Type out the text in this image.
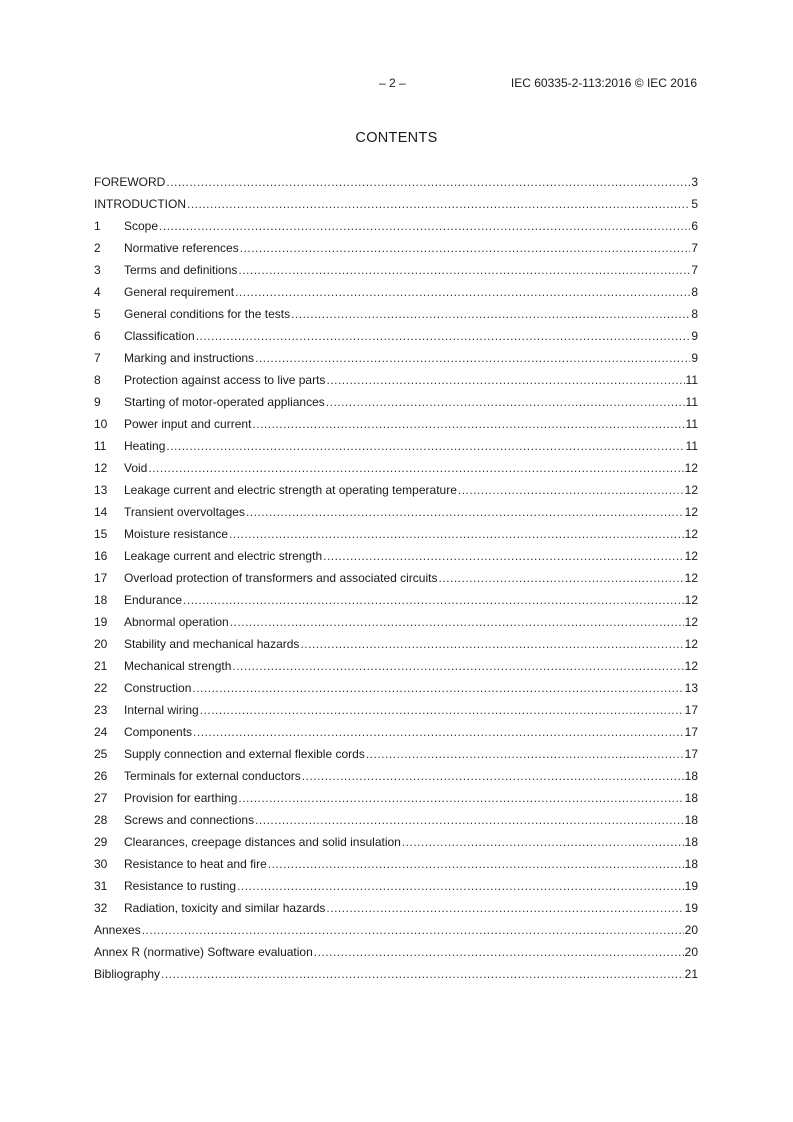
– 2 –	IEC 60335-2-113:2016 © IEC 2016
CONTENTS
FOREWORD .....	3
INTRODUCTION .....	5
1	Scope .....	6
2	Normative references .....	7
3	Terms and definitions .....	7
4	General requirement .....	8
5	General conditions for the tests .....	8
6	Classification .....	9
7	Marking and instructions .....	9
8	Protection against access to live parts .....	11
9	Starting of motor-operated appliances .....	11
10	Power input and current .....	11
11	Heating .....	11
12	Void .....	12
13	Leakage current and electric strength at operating temperature .....	12
14	Transient overvoltages .....	12
15	Moisture resistance .....	12
16	Leakage current and electric strength .....	12
17	Overload protection of transformers and associated circuits .....	12
18	Endurance .....	12
19	Abnormal operation .....	12
20	Stability and mechanical hazards .....	12
21	Mechanical strength .....	12
22	Construction .....	13
23	Internal wiring .....	17
24	Components .....	17
25	Supply connection and external flexible cords .....	17
26	Terminals for external conductors .....	18
27	Provision for earthing .....	18
28	Screws and connections .....	18
29	Clearances, creepage distances and solid insulation .....	18
30	Resistance to heat and fire .....	18
31	Resistance to rusting .....	19
32	Radiation, toxicity and similar hazards .....	19
Annexes .....	20
Annex R (normative) Software evaluation .....	20
Bibliography .....	21
